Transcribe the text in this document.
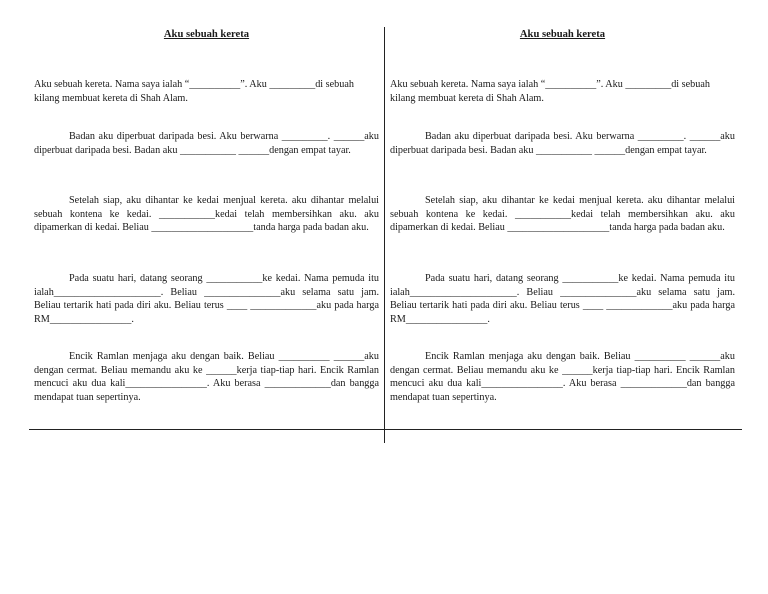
Aku sebuah kereta

Aku sebuah kereta. Nama saya ialah “__________”. Aku _________di sebuah kilang membuat kereta di Shah Alam.

Badan aku diperbuat daripada besi. Aku berwarna _________. ______aku diperbuat daripada besi. Badan aku ___________ ______dengan empat tayar.

Setelah siap, aku dihantar ke kedai menjual kereta. aku dihantar melalui sebuah kontena ke kedai. ___________kedai telah membersihkan aku. aku dipamerkan di kedai. Beliau ____________________tanda harga pada badan aku.

Pada suatu hari, datang seorang ___________ke kedai. Nama pemuda itu ialah_____________________. Beliau _______________aku selama satu jam. Beliau tertarik hati pada diri aku. Beliau terus ____ _____________aku pada harga RM________________.

Encik Ramlan menjaga aku dengan baik. Beliau __________ ______aku dengan cermat. Beliau memandu aku ke ______kerja tiap-tiap hari. Encik Ramlan mencuci aku dua kali________________. Aku berasa _____________dan bangga mendapat tuan sepertinya.

Aku sebuah kereta

Aku sebuah kereta. Nama saya ialah “__________”. Aku _________di sebuah kilang membuat kereta di Shah Alam.

Badan aku diperbuat daripada besi. Aku berwarna _________. ______aku diperbuat daripada besi. Badan aku ___________ ______dengan empat tayar.

Setelah siap, aku dihantar ke kedai menjual kereta. aku dihantar melalui sebuah kontena ke kedai. ___________kedai telah membersihkan aku. aku dipamerkan di kedai. Beliau ____________________tanda harga pada badan aku.

Pada suatu hari, datang seorang ___________ke kedai. Nama pemuda itu ialah_____________________. Beliau _______________aku selama satu jam. Beliau tertarik hati pada diri aku. Beliau terus ____ _____________aku pada harga RM________________.

Encik Ramlan menjaga aku dengan baik. Beliau __________ ______aku dengan cermat. Beliau memandu aku ke ______kerja tiap-tiap hari. Encik Ramlan mencuci aku dua kali________________. Aku berasa _____________dan bangga mendapat tuan sepertinya.
